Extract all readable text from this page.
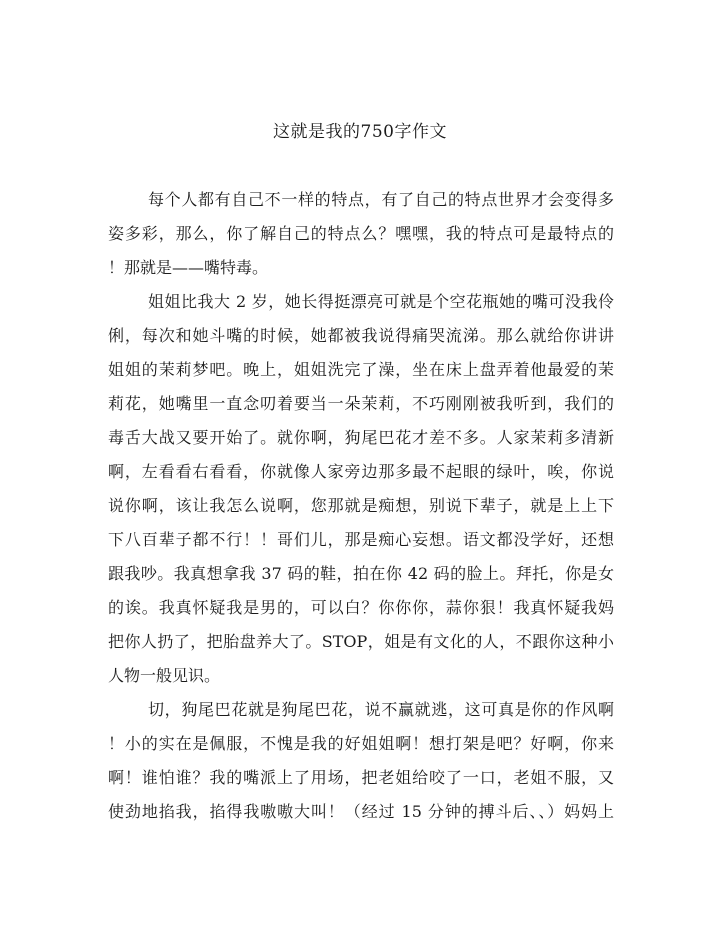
这就是我的750字作文
每个人都有自己不一样的特点，有了自己的特点世界才会变得多
姿多彩，那么，你了解自己的特点么？嘿嘿，我的特点可是最特点的
！那就是——嘴特毒。
姐姐比我大 2 岁，她长得挺漂亮可就是个空花瓶她的嘴可没我伶
俐，每次和她斗嘴的时候，她都被我说得痛哭流涕。那么就给你讲讲
姐姐的茉莉梦吧。晚上，姐姐洗完了澡，坐在床上盘弄着他最爱的茉
莉花，她嘴里一直念叨着要当一朵茉莉，不巧刚刚被我听到，我们的
毒舌大战又要开始了。就你啊，狗尾巴花才差不多。人家茉莉多清新
啊，左看看右看看，你就像人家旁边那多最不起眼的绿叶，唉，你说
说你啊，该让我怎么说啊，您那就是痴想，别说下辈子，就是上上下
下八百辈子都不行！！哥们儿，那是痴心妄想。语文都没学好，还想
跟我吵。我真想拿我 37 码的鞋，拍在你 42 码的脸上。拜托，你是女
的诶。我真怀疑我是男的，可以白？你你你，蒜你狠！我真怀疑我妈
把你人扔了，把胎盘养大了。STOP，姐是有文化的人，不跟你这种小
人物一般见识。
切，狗尾巴花就是狗尾巴花，说不赢就逃，这可真是你的作风啊
！小的实在是佩服，不愧是我的好姐姐啊！想打架是吧？好啊，你来
啊！谁怕谁？我的嘴派上了用场，把老姐给咬了一口，老姐不服，又
使劲地掐我，掐得我嗷嗷大叫！（经过 15 分钟的搏斗后、、）妈妈上
